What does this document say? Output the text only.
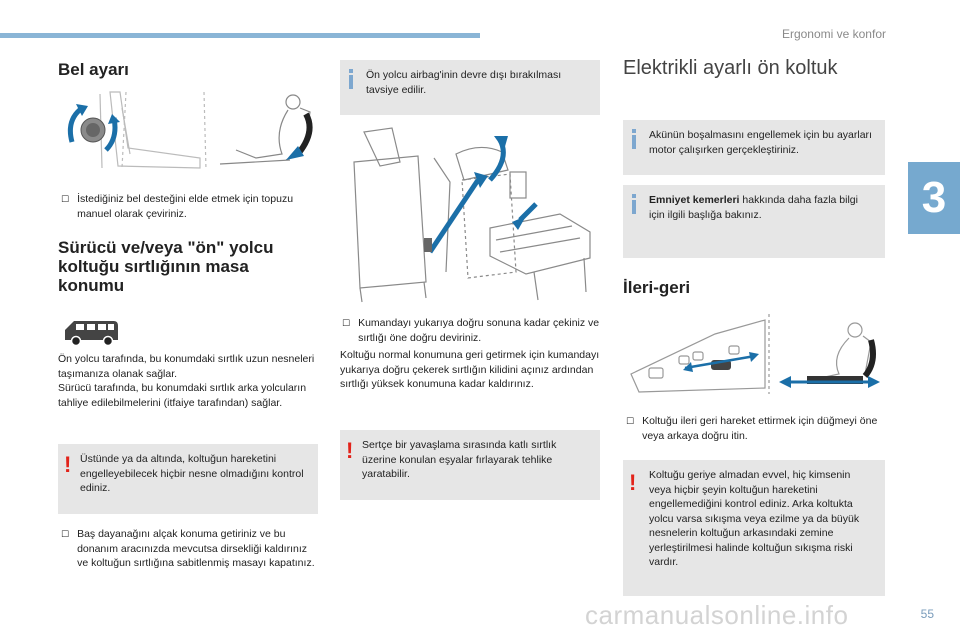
Ergonomi ve konfor
3
Bel ayarı
☐ İstediğiniz bel desteğini elde etmek için topuzu manuel olarak çeviriniz.
Sürücü ve/veya "ön" yolcu koltuğu sırtlığının masa konumu
Ön yolcu tarafında, bu konumdaki sırtlık uzun nesneleri taşımanıza olanak sağlar.
Sürücü tarafında, bu konumdaki sırtlık arka yolcuların tahliye edilebilmelerini (itfaiye tarafından) sağlar.
! Üstünde ya da altında, koltuğun hareketini engelleyebilecek hiçbir nesne olmadığını kontrol ediniz.
☐ Baş dayanağını alçak konuma getiriniz ve bu donanım aracınızda mevcutsa dirsekliği kaldırınız ve koltuğun sırtlığına sabitlenmiş masayı kapatınız.
Ön yolcu airbag'inin devre dışı bırakılması tavsiye edilir.
☐ Kumandayı yukarıya doğru sonuna kadar çekiniz ve sırtlığı öne doğru deviriniz.
Koltuğu normal konumuna geri getirmek için kumandayı yukarıya doğru çekerek sırtlığın kilidini açınız ardından sırtlığı yüksek konumuna kadar kaldırınız.
! Sertçe bir yavaşlama sırasında katlı sırtlık üzerine konulan eşyalar fırlayarak tehlike yaratabilir.
Elektrikli ayarlı ön koltuk
Akünün boşalmasını engellemek için bu ayarları motor çalışırken gerçekleştiriniz.
Emniyet kemerleri hakkında daha fazla bilgi için ilgili başlığa bakınız.
İleri-geri
☐ Koltuğu ileri geri hareket ettirmek için düğmeyi öne veya arkaya doğru itin.
! Koltuğu geriye almadan evvel, hiç kimsenin veya hiçbir şeyin koltuğun hareketini engellemediğini kontrol ediniz. Arka koltukta yolcu varsa sıkışma veya ezilme ya da büyük nesnelerin koltuğun arkasındaki zemine yerleştirilmesi halinde koltuğun sıkışma riski vardır.
carmanualsonline.info	55
